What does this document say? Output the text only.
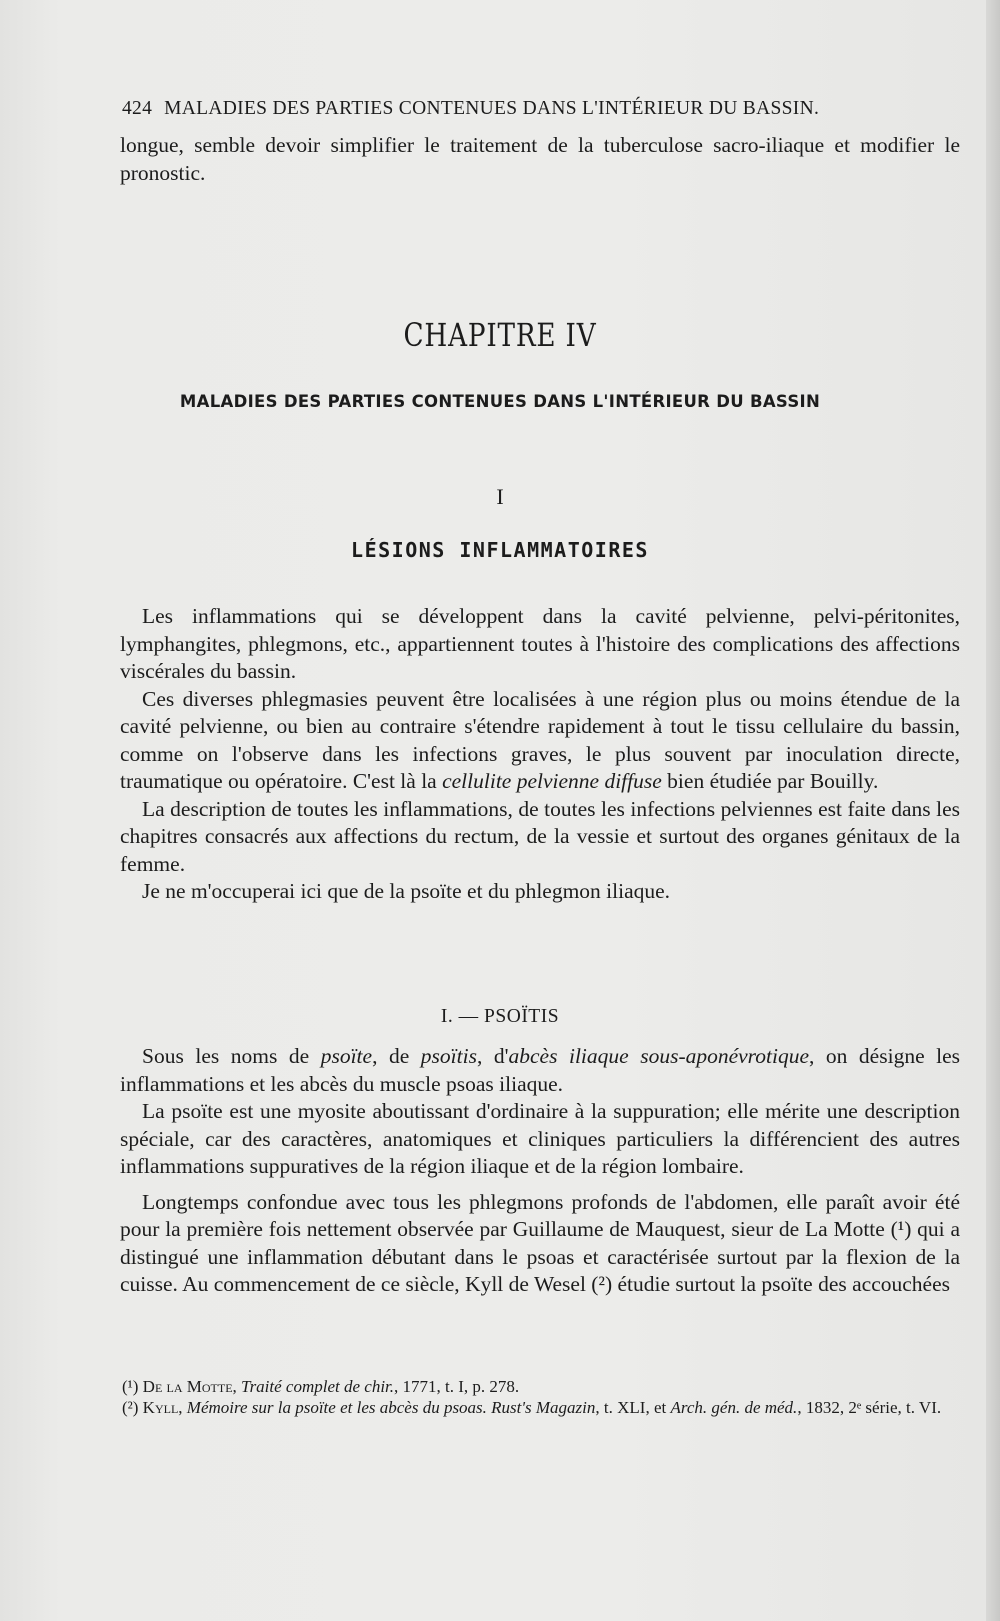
424 MALADIES DES PARTIES CONTENUES DANS L'INTÉRIEUR DU BASSIN.

longue, semble devoir simplifier le traitement de la tuberculose sacro-iliaque et modifier le pronostic.

CHAPITRE IV
MALADIES DES PARTIES CONTENUES DANS L'INTÉRIEUR DU BASSIN
I
LÉSIONS INFLAMMATOIRES

Les inflammations qui se développent dans la cavité pelvienne, pelvi-péritonites, lymphangites, phlegmons, etc., appartiennent toutes à l'histoire des complications des affections viscérales du bassin.

Ces diverses phlegmasies peuvent être localisées à une région plus ou moins étendue de la cavité pelvienne, ou bien au contraire s'étendre rapidement à tout le tissu cellulaire du bassin, comme on l'observe dans les infections graves, le plus souvent par inoculation directe, traumatique ou opératoire. C'est là la cellulite pelvienne diffuse bien étudiée par Bouilly.

La description de toutes les inflammations, de toutes les infections pelviennes est faite dans les chapitres consacrés aux affections du rectum, de la vessie et surtout des organes génitaux de la femme.

Je ne m'occuperai ici que de la psoïte et du phlegmon iliaque.

I. — PSOÏTIS

Sous les noms de psoïte, de psoïtis, d'abcès iliaque sous-aponévrotique, on désigne les inflammations et les abcès du muscle psoas iliaque.

La psoïte est une myosite aboutissant d'ordinaire à la suppuration; elle mérite une description spéciale, car des caractères, anatomiques et cliniques particuliers la différencient des autres inflammations suppuratives de la région iliaque et de la région lombaire.

Longtemps confondue avec tous les phlegmons profonds de l'abdomen, elle paraît avoir été pour la première fois nettement observée par Guillaume de Mauquest, sieur de La Motte (¹) qui a distingué une inflammation débutant dans le psoas et caractérisée surtout par la flexion de la cuisse. Au commencement de ce siècle, Kyll de Wesel (²) étudie surtout la psoïte des accouchées

(¹) De la Motte, Traité complet de chir., 1771, t. I, p. 278.

(²) Kyll, Mémoire sur la psoïte et les abcès du psoas. Rust's Magazin, t. XLI, et Arch. gén. de méd., 1832, 2ᵉ série, t. VI.
